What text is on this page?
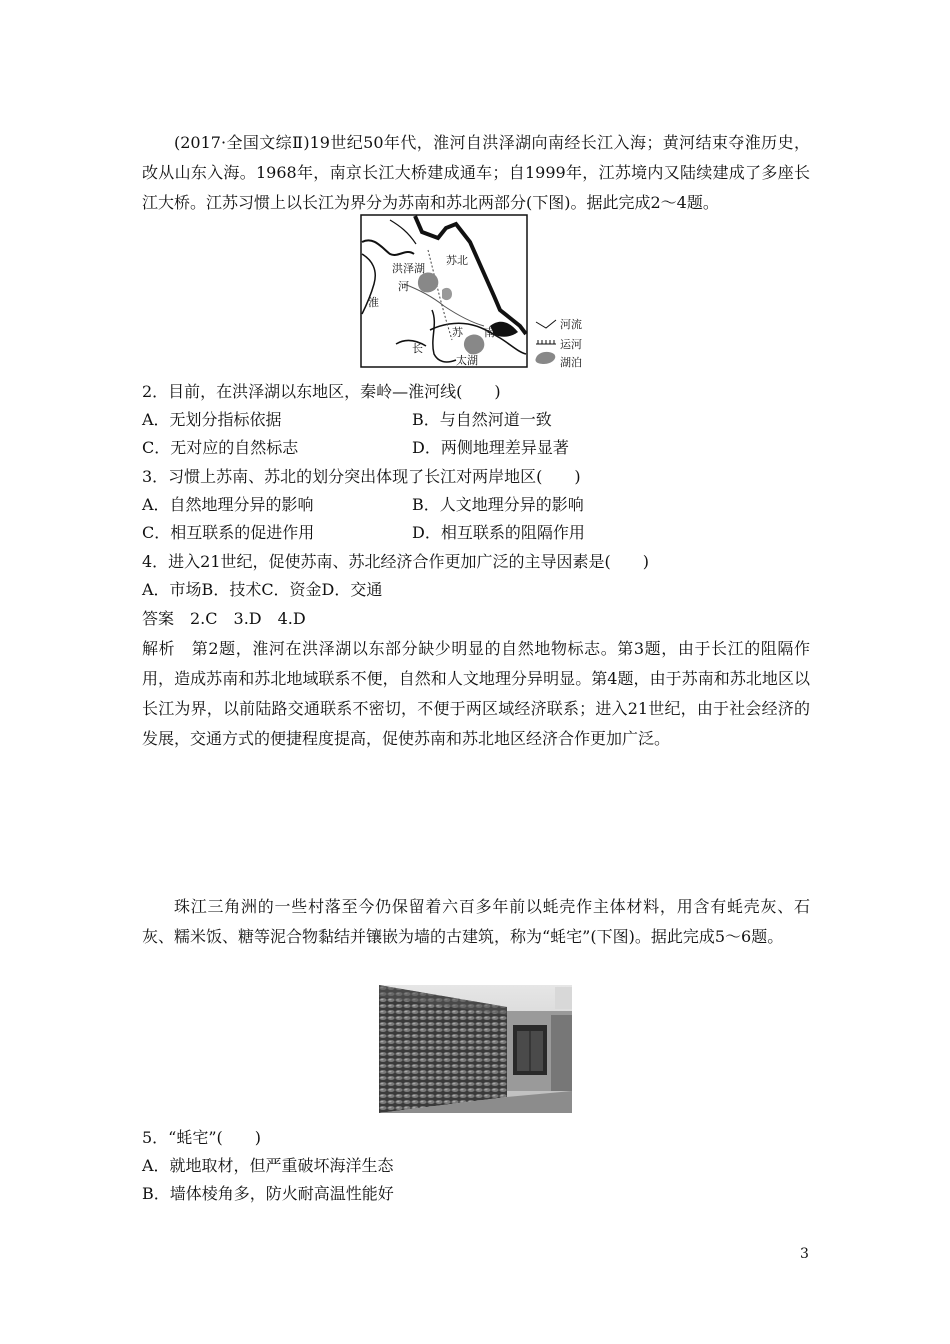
(2017·全国文综Ⅱ)19世纪50年代，淮河自洪泽湖向南经长江入海；黄河结束夺淮历史，改从山东入海。1968年，南京长江大桥建成通车；自1999年，江苏境内又陆续建成了多座长江大桥。江苏习惯上以长江为界分为苏南和苏北两部分(下图)。据此完成2～4题。
苏北
洪泽湖
河
淮
苏 南
长
太湖
河流
运河
湖泊
2．目前，在洪泽湖以东地区，秦岭—淮河线(　　)
A．无划分指标依据	B．与自然河道一致
C．无对应的自然标志	D．两侧地理差异显著
3．习惯上苏南、苏北的划分突出体现了长江对两岸地区(　　)
A．自然地理分异的影响	B．人文地理分异的影响
C．相互联系的促进作用	D．相互联系的阻隔作用
4．进入21世纪，促使苏南、苏北经济合作更加广泛的主导因素是(　　)
A．市场B．技术C．资金D．交通
答案　2.C　3.D　4.D
解析　第2题，淮河在洪泽湖以东部分缺少明显的自然地物标志。第3题，由于长江的阻隔作用，造成苏南和苏北地域联系不便，自然和人文地理分异明显。第4题，由于苏南和苏北地区以长江为界，以前陆路交通联系不密切，不便于两区域经济联系；进入21世纪，由于社会经济的发展，交通方式的便捷程度提高，促使苏南和苏北地区经济合作更加广泛。
珠江三角洲的一些村落至今仍保留着六百多年前以蚝壳作主体材料，用含有蚝壳灰、石灰、糯米饭、糖等泥合物黏结并镶嵌为墙的古建筑，称为“蚝宅”(下图)。据此完成5～6题。
5．“蚝宅”(　　)
A．就地取材，但严重破坏海洋生态
B．墙体棱角多，防火耐高温性能好
3
